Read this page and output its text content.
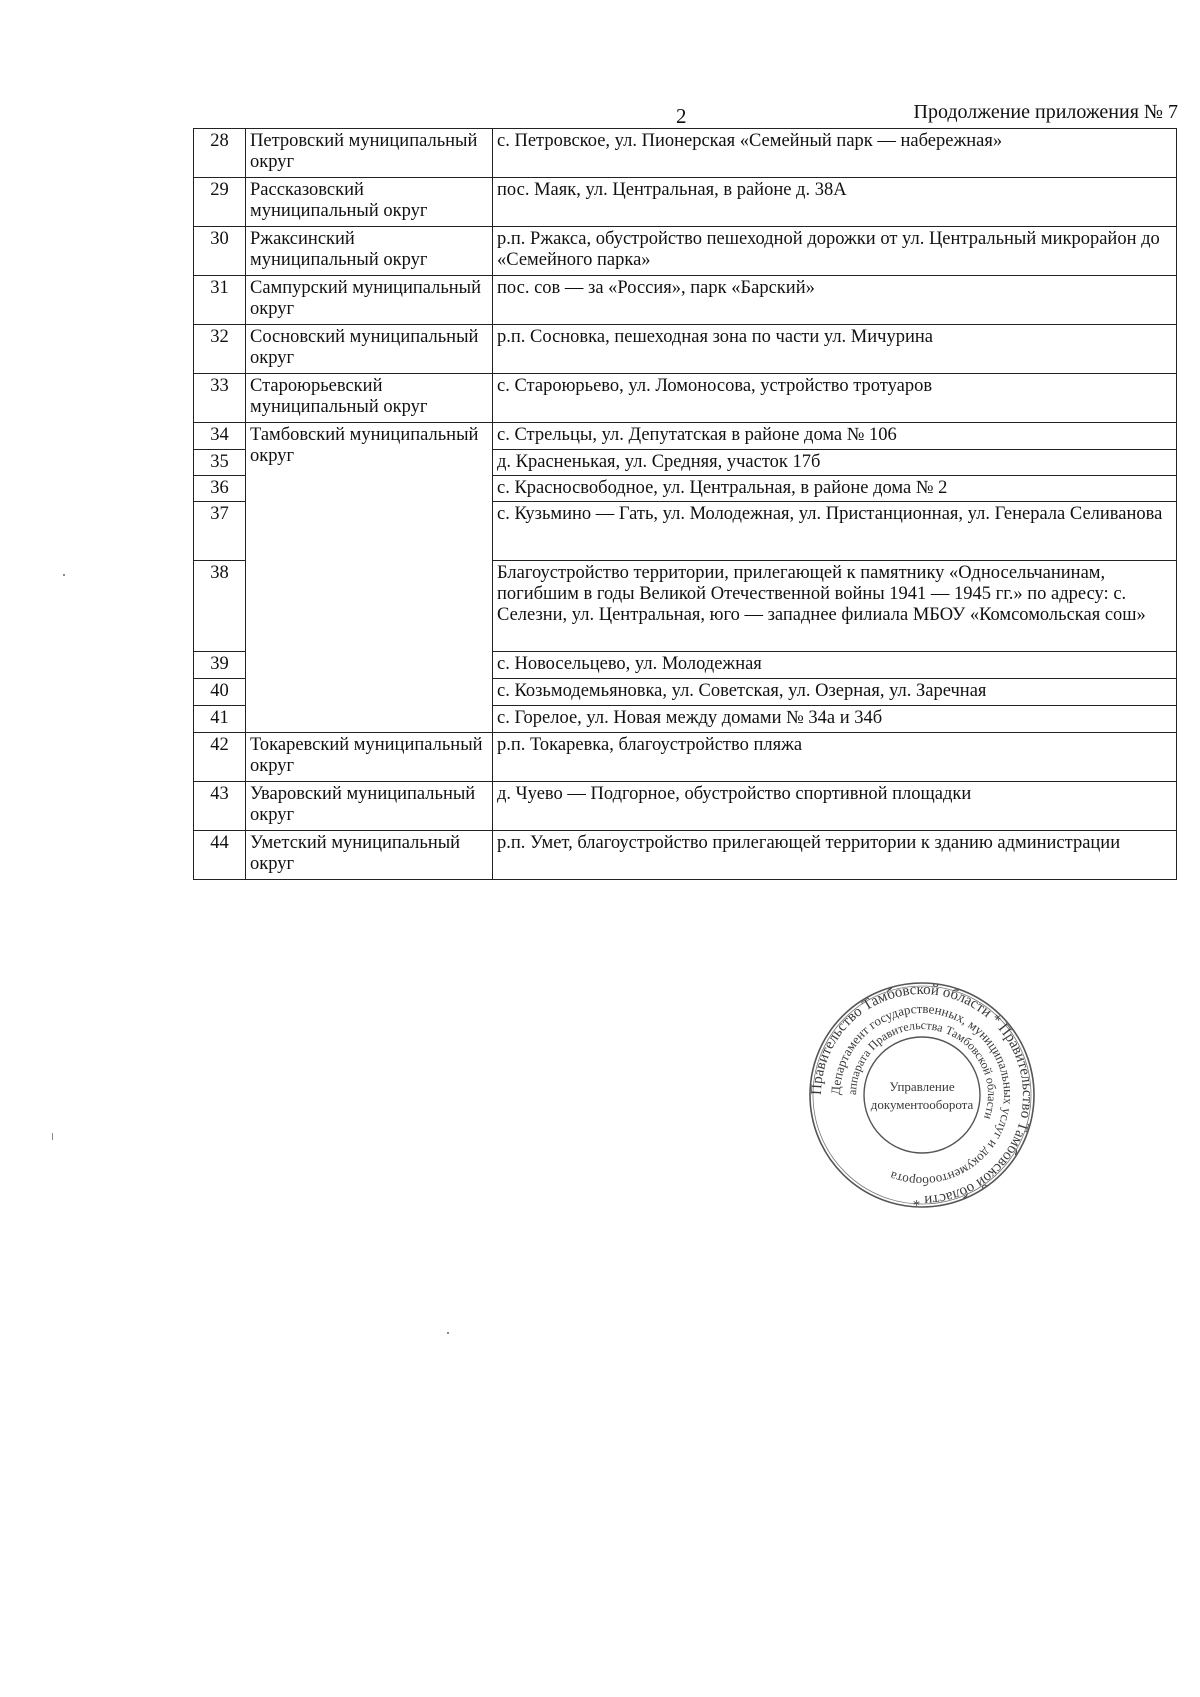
2	Продолжение приложения № 7
28	Петровский муниципальный округ	с. Петровское, ул. Пионерская «Семейный парк — набережная»
29	Рассказовский муниципальный округ	пос. Маяк, ул. Центральная, в районе д. 38А
30	Ржаксинский муниципальный округ	р.п. Ржакса, обустройство пешеходной дорожки от ул. Центральный микрорайон до «Семейного парка»
31	Сампурский муниципальный округ	пос. сов — за «Россия», парк «Барский»
32	Сосновский муниципальный округ	р.п. Сосновка, пешеходная зона по части ул. Мичурина
33	Староюрьевский муниципальный округ	с. Староюрьево, ул. Ломоносова, устройство тротуаров
34	Тамбовский муниципальный округ	с. Стрельцы, ул. Депутатская в районе дома № 106
35		д. Красненькая, ул. Средняя, участок 17б
36		с. Красносвободное, ул. Центральная, в районе дома № 2
37		с. Кузьмино — Гать, ул. Молодежная, ул. Пристанционная, ул. Генерала Селиванова
38		Благоустройство территории, прилегающей к памятнику «Односельчанинам, погибшим в годы Великой Отечественной войны 1941 — 1945 гг.» по адресу: с. Селезни, ул. Центральная, юго — западнее филиала МБОУ «Комсомольская сош»
39		с. Новосельцево, ул. Молодежная
40		с. Козьмодемьяновка, ул. Советская, ул. Озерная, ул. Заречная
41		с. Горелое, ул. Новая между домами № 34а и 34б
42	Токаревский муниципальный округ	р.п. Токаревка, благоустройство пляжа
43	Уваровский муниципальный округ	д. Чуево — Подгорное, обустройство спортивной площадки
44	Уметский муниципальный округ	р.п. Умет, благоустройство прилегающей территории к зданию администрации
Правительство Тамбовской области * Правительство Тамбовской области *
Департамент государственных, муниципальных услуг и документооборота
аппарата Правительства Тамбовской области
Управление
документооборота
